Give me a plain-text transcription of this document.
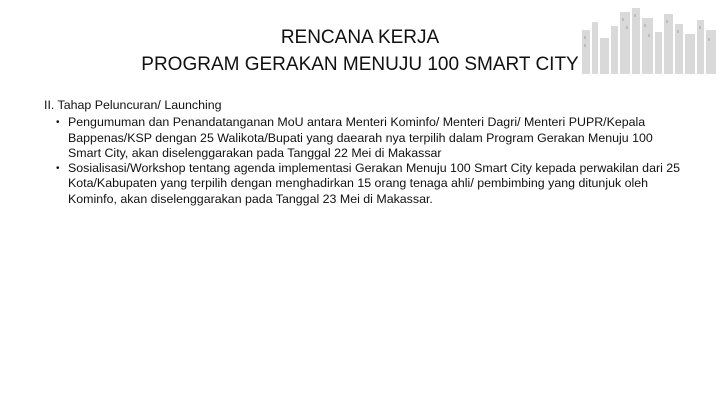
RENCANA KERJA
PROGRAM GERAKAN MENUJU 100 SMART CITY
II. Tahap Peluncuran/ Launching
• Pengumuman dan Penandatanganan MoU antara Menteri Kominfo/ Menteri Dagri/ Menteri PUPR/Kepala Bappenas/KSP dengan 25 Walikota/Bupati yang daearah nya terpilih dalam Program Gerakan Menuju 100 Smart City, akan diselenggarakan pada Tanggal 22 Mei di Makassar
• Sosialisasi/Workshop tentang agenda implementasi Gerakan Menuju 100 Smart City kepada perwakilan dari 25 Kota/Kabupaten yang terpilih dengan menghadirkan 15 orang tenaga ahli/ pembimbing yang ditunjuk oleh Kominfo, akan diselenggarakan pada Tanggal 23 Mei di Makassar.
